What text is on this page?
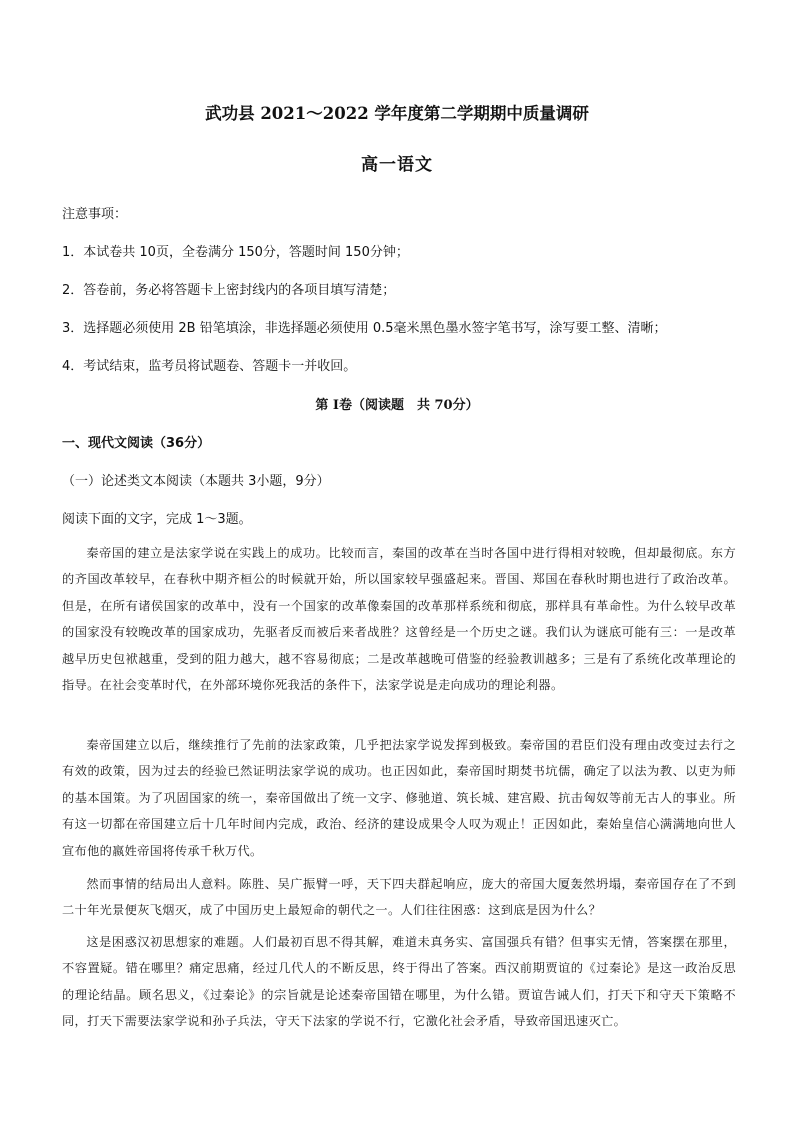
武功县 2021～2022 学年度第二学期期中质量调研
高一语文
注意事项：
1．本试卷共 10页，全卷满分 150分，答题时间 150分钟；
2．答卷前，务必将答题卡上密封线内的各项目填写清楚；
3．选择题必须使用 2B 铅笔填涂，非选择题必须使用 0.5毫米黑色墨水签字笔书写，涂写要工整、清晰；
4．考试结束，监考员将试题卷、答题卡一并收回。
第 I卷（阅读题　共 70分）
一、现代文阅读（36分）
（一）论述类文本阅读（本题共 3小题，9分）
阅读下面的文字，完成 1～3题。

秦帝国的建立是法家学说在实践上的成功。比较而言，秦国的改革在当时各国中进行得相对较晚，但却最彻底。东方的齐国改革较早，在春秋中期齐桓公的时候就开始，所以国家较早强盛起来。晋国、郑国在春秋时期也进行了政治改革。但是，在所有诸侯国家的改革中，没有一个国家的改革像秦国的改革那样系统和彻底，那样具有革命性。为什么较早改革的国家没有较晚改革的国家成功，先驱者反而被后来者战胜？这曾经是一个历史之谜。我们认为谜底可能有三：一是改革越早历史包袱越重，受到的阻力越大，越不容易彻底；二是改革越晚可借鉴的经验教训越多；三是有了系统化改革理论的指导。在社会变革时代，在外部环境你死我活的条件下，法家学说是走向成功的理论利器。

秦帝国建立以后，继续推行了先前的法家政策，几乎把法家学说发挥到极致。秦帝国的君臣们没有理由改变过去行之有效的政策，因为过去的经验已然证明法家学说的成功。也正因如此，秦帝国时期焚书坑儒，确定了以法为教、以吏为师的基本国策。为了巩固国家的统一，秦帝国做出了统一文字、修驰道、筑长城、建宫殿、抗击匈奴等前无古人的事业。所有这一切都在帝国建立后十几年时间内完成，政治、经济的建设成果令人叹为观止！正因如此，秦始皇信心满满地向世人宣布他的嬴姓帝国将传承千秋万代。

然而事情的结局出人意料。陈胜、吴广振臂一呼，天下四夫群起响应，庞大的帝国大厦轰然坍塌，秦帝国存在了不到二十年光景便灰飞烟灭，成了中国历史上最短命的朝代之一。人们往往困惑：这到底是因为什么？

这是困惑汉初思想家的难题。人们最初百思不得其解，难道未真务实、富国强兵有错？但事实无情，答案摆在那里，不容置疑。错在哪里？痛定思痛，经过几代人的不断反思，终于得出了答案。西汉前期贾谊的《过秦论》是这一政治反思的理论结晶。顾名思义，《过秦论》的宗旨就是论述秦帝国错在哪里，为什么错。贾谊告诫人们，打天下和守天下策略不同，打天下需要法家学说和孙子兵法，守天下法家的学说不行，它激化社会矛盾，导致帝国迅速灭亡。
